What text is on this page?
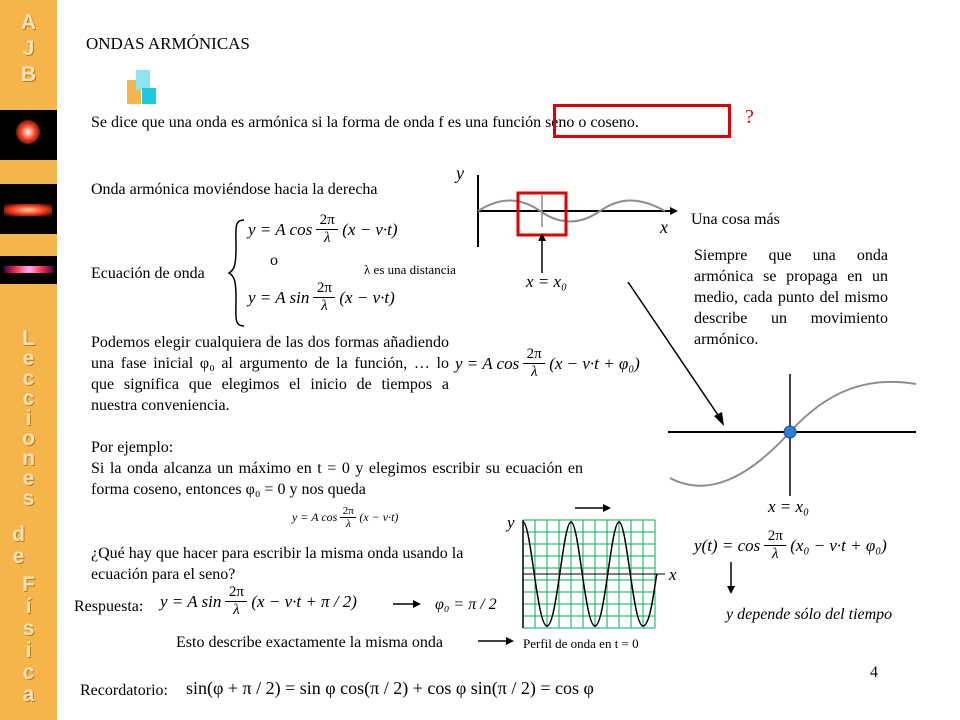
A
J
B
L
e
c
c
i
o
n
e
s
d
e
F
í
s
i
c
a
ONDAS ARMÓNICAS
Se dice que una onda es armónica si la forma de onda f es una función seno o coseno.	?
Onda armónica moviéndose hacia la derecha
y
x
x = x₀
Ecuación de onda
y = A cos 2π
λ (x − v·t)
o
λ es una distancia
y = A sin 2π
λ (x − v·t)
Podemos elegir cualquiera de las dos formas añadiendo una fase inicial φ₀ al argumento de la función, … lo que significa que elegimos el inicio de tiempos a nuestra conveniencia.
y = A cos 2π
λ (x − v·t + φ₀)
Por ejemplo:
Si la onda alcanza un máximo en t = 0 y elegimos escribir su ecuación en forma coseno, entonces φ₀ = 0 y nos queda
y = A cos 2π
λ (x − v·t)
¿Qué hay que hacer para escribir la misma onda usando la ecuación para el seno?
Respuesta: y = A sin 2π
λ (x − v·t + π / 2)	φ₀ = π / 2
Esto describe exactamente la misma onda
y
x
Perfil de onda en t = 0
Una cosa más
Siempre que una onda armónica se propaga en un medio, cada punto del mismo describe un movimiento armónico.
x = x₀
y(t) = cos 2π
λ (x₀ − v·t + φ₀)
y depende sólo del tiempo
Recordatorio: sin(φ + π / 2) = sin φ cos(π / 2) + cos φ sin(π / 2) = cos φ
4
